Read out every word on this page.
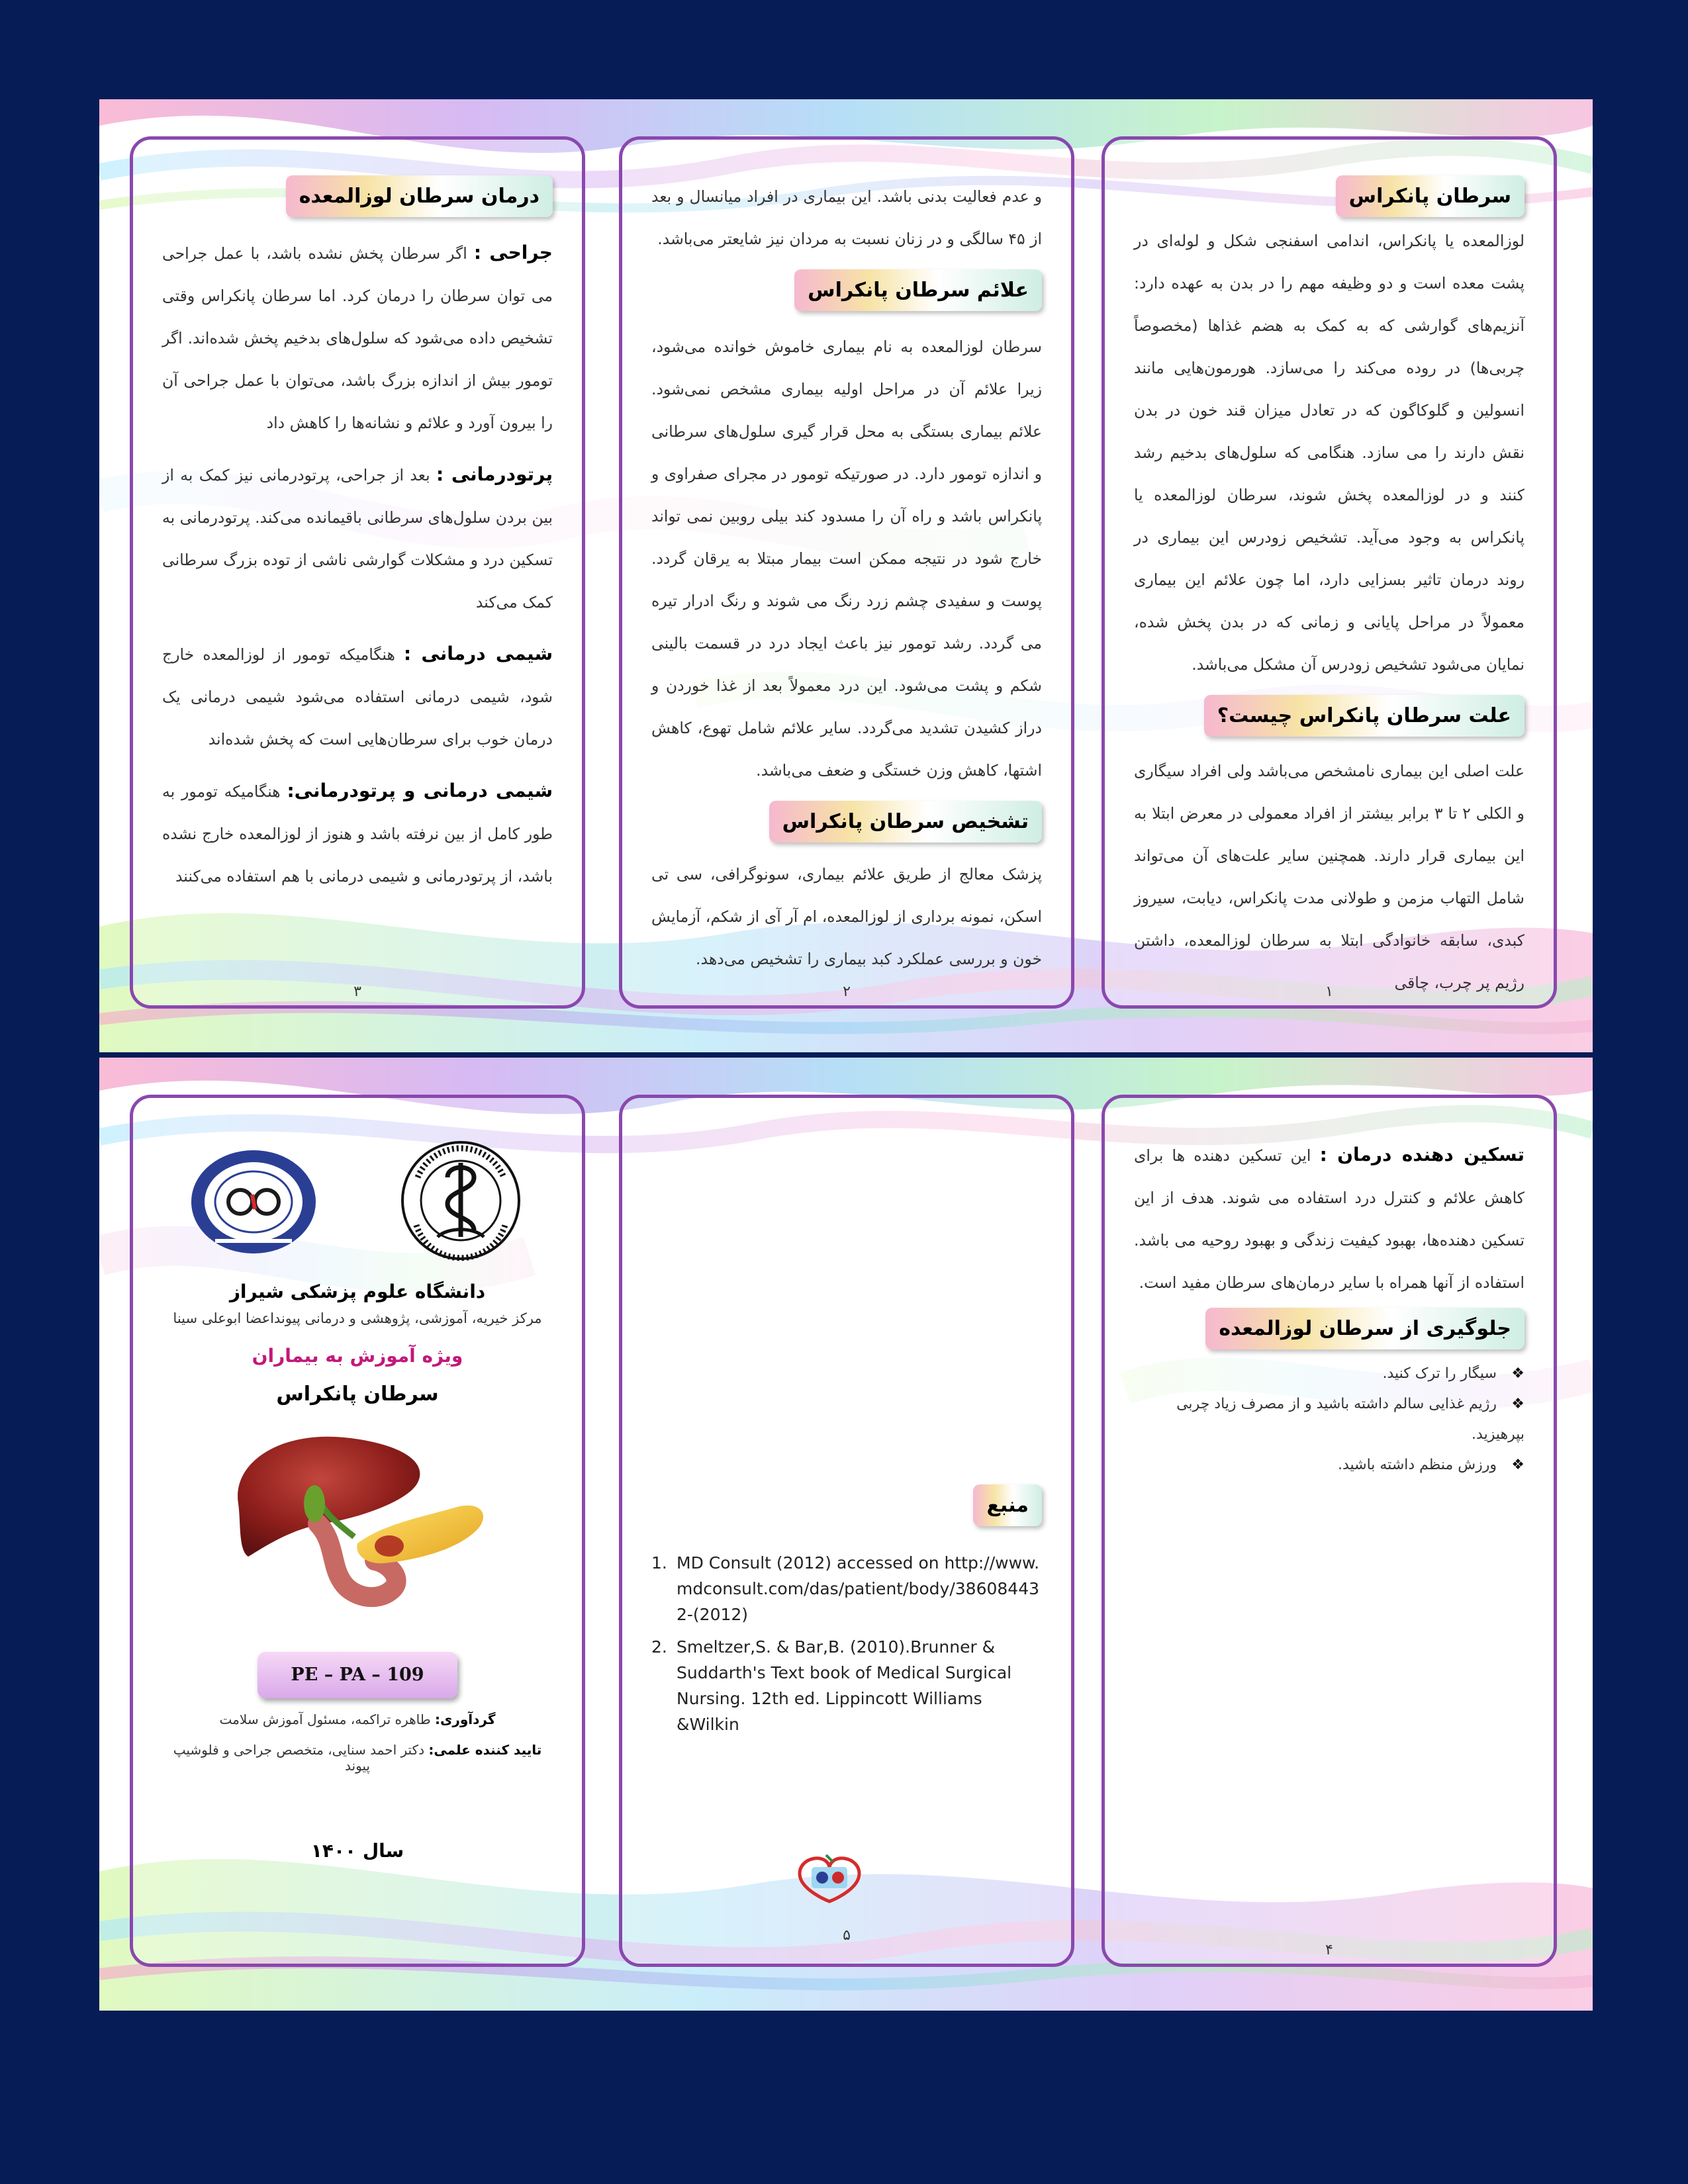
درمان سرطان لوزالمعده

جراحی : اگر سرطان پخش نشده باشد، با عمل جراحی می توان سرطان را درمان کرد. اما سرطان پانکراس وقتی تشخیص داده می‌شود که سلول‌های بدخیم پخش شده‌اند. اگر تومور بیش از اندازه بزرگ باشد، می‌توان با عمل جراحی آن را بیرون آورد و علائم و نشانه‌ها را کاهش داد

پرتودرمانی : بعد از جراحی، پرتودرمانی نیز کمک به از بین بردن سلول‌های سرطانی باقیمانده می‌کند. پرتودرمانی به تسکین درد و مشکلات گوارشی ناشی از توده بزرگ سرطانی کمک می‌کند

شیمی درمانی : هنگامیکه تومور از لوزالمعده خارج شود، شیمی درمانی استفاده می‌شود شیمی درمانی یک درمان خوب برای سرطان‌هایی است که پخش شده‌اند

شیمی درمانی و پرتودرمانی: هنگامیکه تومور به طور کامل از بین نرفته باشد و هنوز از لوزالمعده خارج نشده باشد، از پرتودرمانی و شیمی درمانی با هم استفاده می‌کنند

۳

و عدم فعالیت بدنی باشد. این بیماری در افراد میانسال و بعد از ۴۵ سالگی و در زنان نسبت به مردان نیز شایعتر می‌باشد.

علائم سرطان پانکراس

سرطان لوزالمعده به نام بیماری خاموش خوانده می‌شود، زیرا علائم آن در مراحل اولیه بیماری مشخص نمی‌شود. علائم بیماری بستگی به محل قرار گیری سلول‌های سرطانی و اندازه تومور دارد. در صورتیکه تومور در مجرای صفراوی و پانکراس باشد و راه آن را مسدود کند بیلی روبین نمی تواند خارج شود در نتیجه ممکن است بیمار مبتلا به یرقان گردد. پوست و سفیدی چشم زرد رنگ می شوند و رنگ ادرار تیره می گردد. رشد تومور نیز باعث ایجاد درد در قسمت بالینی شکم و پشت می‌شود. این درد معمولاً بعد از غذا خوردن و دراز کشیدن تشدید می‌گردد. سایر علائم شامل تهوع، کاهش اشتها، کاهش وزن خستگی و ضعف می‌باشد.

تشخیص سرطان پانکراس

پزشک معالج از طریق علائم بیماری، سونوگرافی، سی تی اسکن، نمونه برداری از لوزالمعده، ام آر آی از شکم، آزمایش خون و بررسی عملکرد کبد بیماری را تشخیص می‌دهد.

۲
سرطان پانکراس

لوزالمعده یا پانکراس، اندامی اسفنجی شکل و لوله‌ای در پشت معده است و دو وظیفه مهم را در بدن به عهده دارد: آنزیم‌های گوارشی که به کمک به هضم غذاها (مخصوصاً چربی‌ها) در روده می‌کند را می‌سازد. هورمون‌هایی مانند انسولین و گلوکاگون که در تعادل میزان قند خون در بدن نقش دارند را می سازد. هنگامی که سلول‌های بدخیم رشد کنند و در لوزالمعده پخش شوند، سرطان لوزالمعده یا پانکراس به وجود می‌آید. تشخیص زودرس این بیماری در روند درمان تاثیر بسزایی دارد، اما چون علائم این بیماری معمولاً در مراحل پایانی و زمانی که در بدن پخش شده، نمایان می‌شود تشخیص زودرس آن مشکل می‌باشد.

علت سرطان پانکراس چیست؟

علت اصلی این بیماری نامشخص می‌باشد ولی افراد سیگاری و الکلی ۲ تا ۳ برابر بیشتر از افراد معمولی در معرض ابتلا به این بیماری قرار دارند. همچنین سایر علت‌های آن می‌تواند شامل التهاب مزمن و طولانی مدت پانکراس، دیابت، سیروز کبدی، سابقه خانوادگی ابتلا به سرطان لوزالمعده، داشتن رژیم پر چرب، چاقی

۱
دانشگاه علوم پزشکی شیراز
مرکز خیریه، آموزشی، پژوهشی و درمانی پیونداعضا ابوعلی سینا
ویژه آموزش به بیماران
سرطان پانکراس
PE – PA – 109
گردآوری: طاهره تراکمه، مسئول آموزش سلامت
تایید کننده علمی: دکتر احمد سنایی، متخصص جراحی و فلوشیپ پیوند
سال ۱۴۰۰
منبع
1. MD Consult (2012) accessed on http://www.mdconsult.com/das/patient/body/386084432-(2012)
2. Smeltzer,S. & Bar,B. (2010).Brunner & Suddarth's Text book of Medical Surgical Nursing. 12th ed. Lippincott Williams &Wilkin
۵

تسکین دهنده درمان : این تسکین دهنده ها برای کاهش علائم و کنترل درد استفاده می شوند. هدف از این تسکین دهنده‌ها، بهبود کیفیت زندگی و بهبود روحیه می باشد. استفاده از آنها همراه با سایر درمان‌های سرطان مفید است.

جلوگیری از سرطان لوزالمعده
❖سیگار را ترک کنید.
❖رژیم غذایی سالم داشته باشید و از مصرف زیاد چربی بپرهیزید.
❖ورزش منظم داشته باشید.
۴
